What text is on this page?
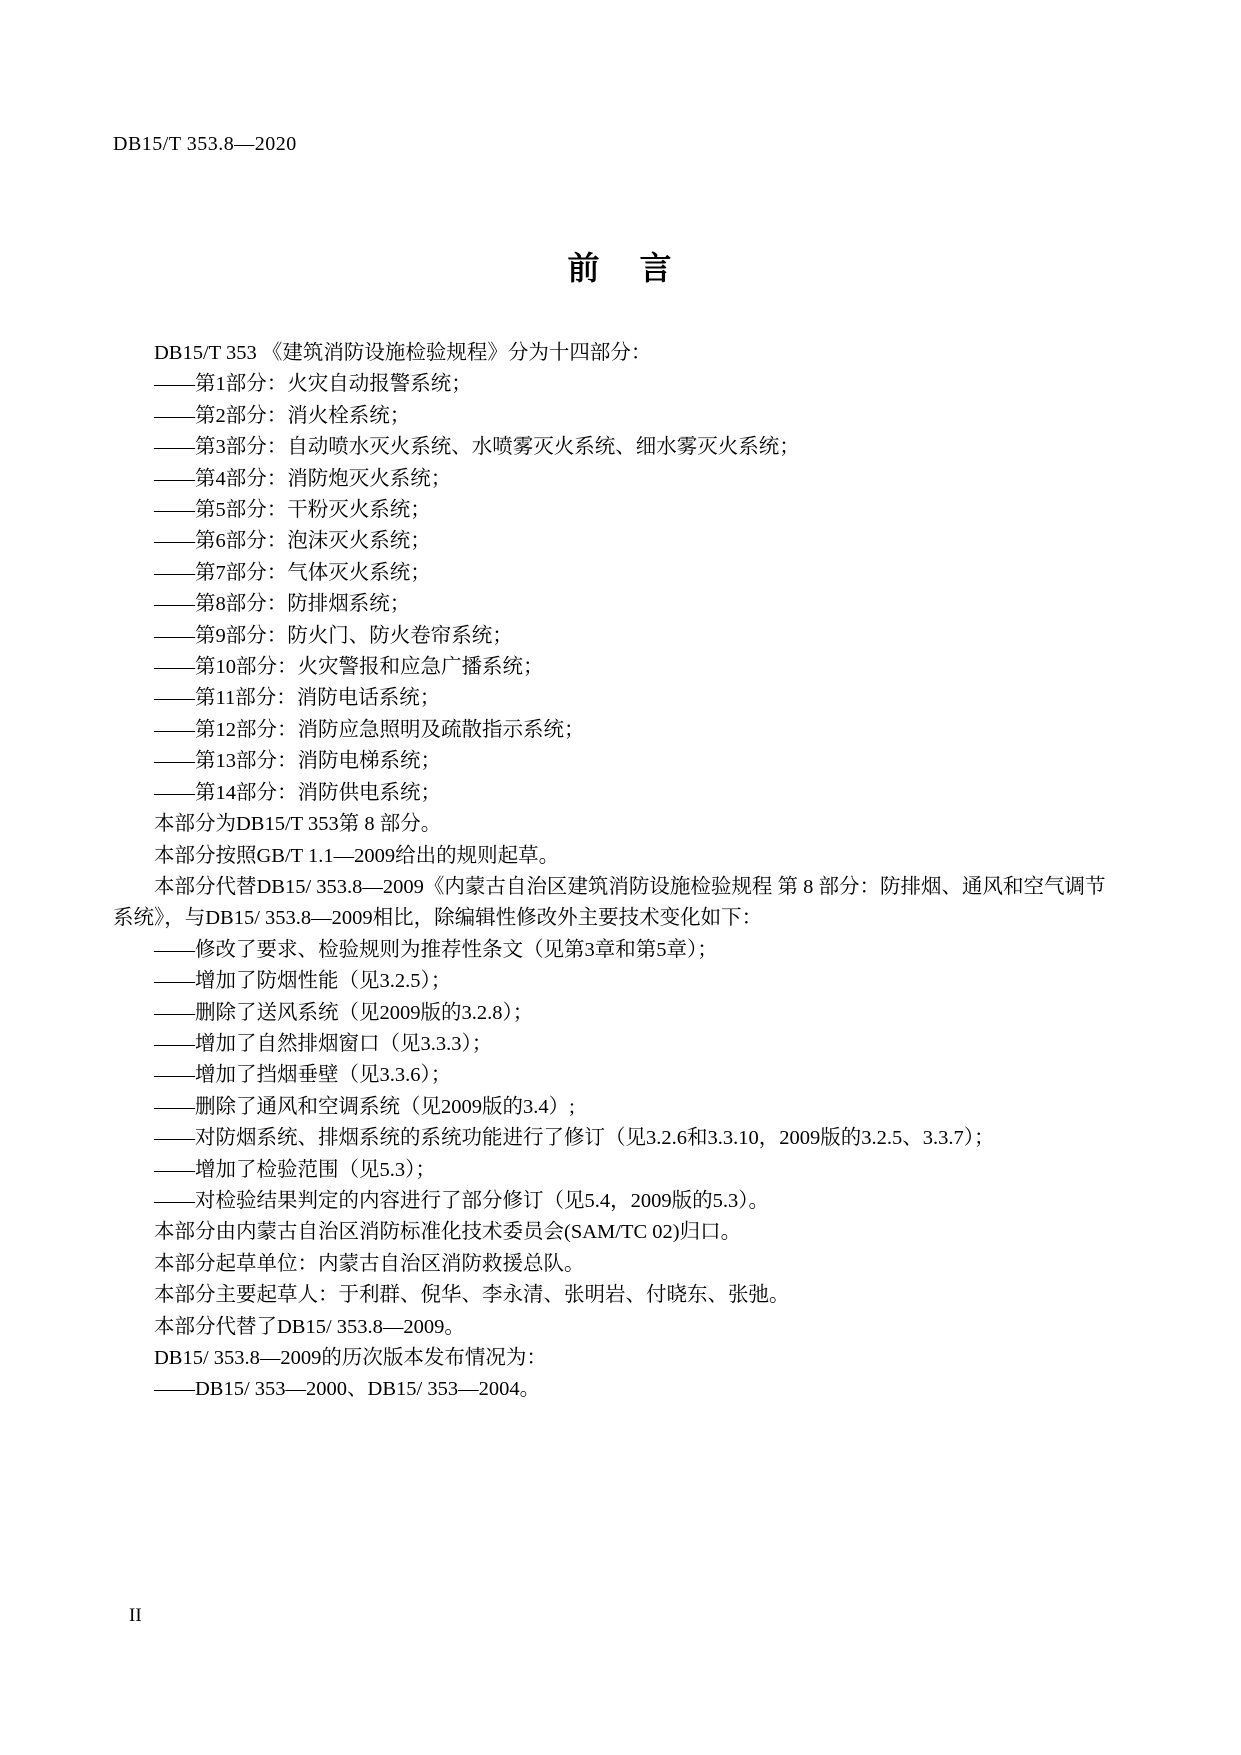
DB15/T 353.8—2020
前 言

DB15/T 353 《建筑消防设施检验规程》分为十四部分：

——第1部分：火灾自动报警系统；

——第2部分：消火栓系统；

——第3部分：自动喷水灭火系统、水喷雾灭火系统、细水雾灭火系统；

——第4部分：消防炮灭火系统；

——第5部分：干粉灭火系统；

——第6部分：泡沫灭火系统；

——第7部分：气体灭火系统；

——第8部分：防排烟系统；

——第9部分：防火门、防火卷帘系统；

——第10部分：火灾警报和应急广播系统；

——第11部分：消防电话系统；

——第12部分：消防应急照明及疏散指示系统；

——第13部分：消防电梯系统；

——第14部分：消防供电系统；

本部分为DB15/T 353第 8 部分。

本部分按照GB/T 1.1—2009给出的规则起草。

本部分代替DB15/ 353.8—2009《内蒙古自治区建筑消防设施检验规程 第 8 部分：防排烟、通风和空气调节系统》，与DB15/ 353.8—2009相比，除编辑性修改外主要技术变化如下：

——修改了要求、检验规则为推荐性条文（见第3章和第5章）；

——增加了防烟性能（见3.2.5）；

——删除了送风系统（见2009版的3.2.8）；

——增加了自然排烟窗口（见3.3.3）；

——增加了挡烟垂壁（见3.3.6）；

——删除了通风和空调系统（见2009版的3.4）;

——对防烟系统、排烟系统的系统功能进行了修订（见3.2.6和3.3.10，2009版的3.2.5、3.3.7）；

——增加了检验范围（见5.3）；

——对检验结果判定的内容进行了部分修订（见5.4，2009版的5.3）。

本部分由内蒙古自治区消防标准化技术委员会(SAM/TC 02)归口。

本部分起草单位：内蒙古自治区消防救援总队。

本部分主要起草人：于利群、倪华、李永清、张明岩、付晓东、张弛。

本部分代替了DB15/ 353.8—2009。

DB15/ 353.8—2009的历次版本发布情况为：

——DB15/ 353—2000、DB15/ 353—2004。

II
